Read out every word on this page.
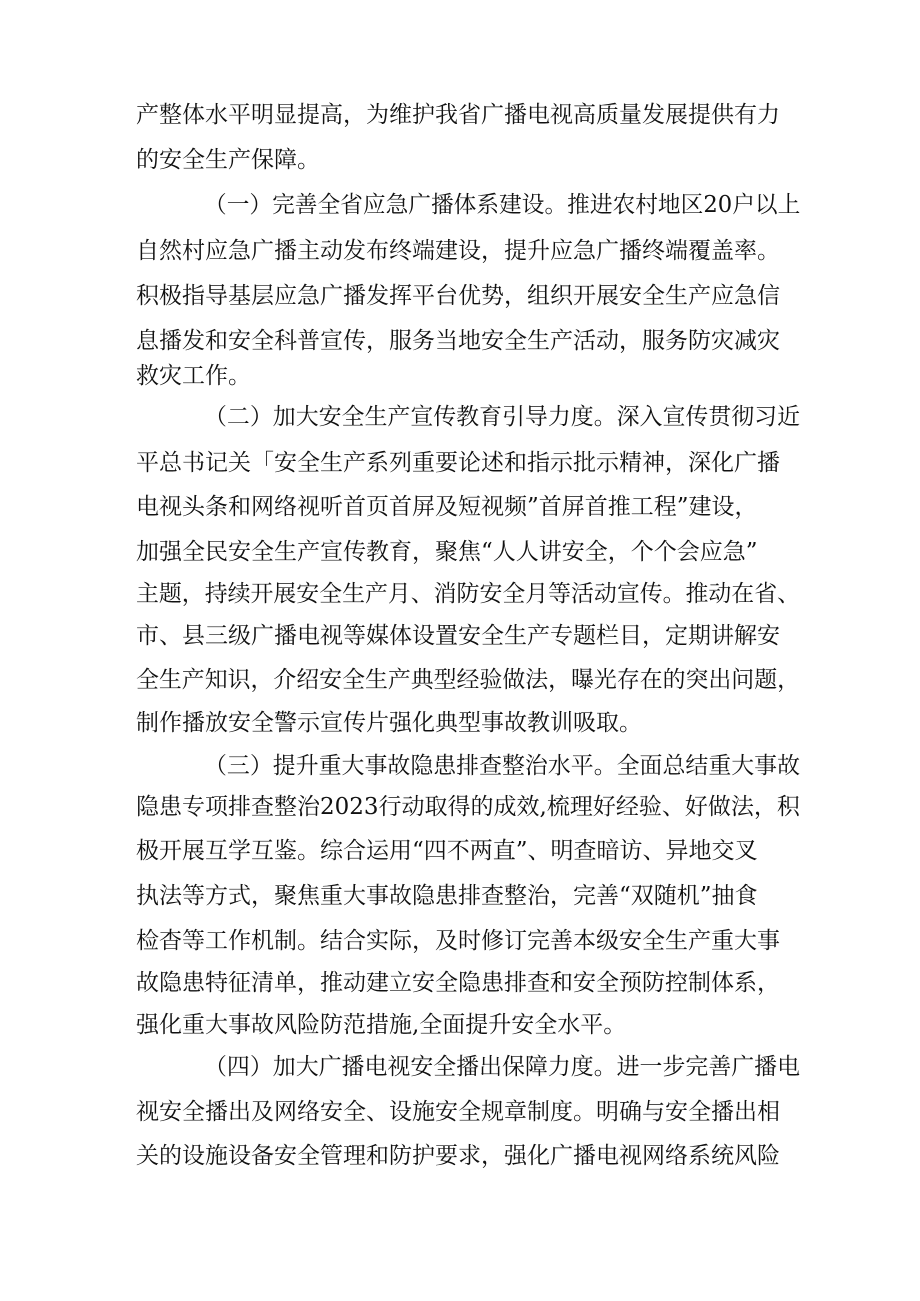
产整体水平明显提高，为维护我省广播电视高质量发展提供有力
的安全生产保障。
（一）完善全省应急广播体系建设。推进农村地区20户以上
自然村应急广播主动发布终端建设，提升应急广播终端覆盖率。
积极指导基层应急广播发挥平台优势，组织开展安全生产应急信
息播发和安全科普宣传，服务当地安全生产活动，服务防灾减灾
救灾工作。
（二）加大安全生产宣传教育引导力度。深入宣传贯彻习近
平总书记关「安全生产系列重要论述和指示批示精神，深化广播
电视头条和网络视听首页首屏及短视频”首屏首推工程”建设，
加强全民安全生产宣传教育，聚焦“人人讲安全，个个会应急”
主题，持续开展安全生产月、消防安全月等活动宣传。推动在省、
市、县三级广播电视等媒体设置安全生产专题栏目，定期讲解安
全生产知识，介绍安全生产典型经验做法，曝光存在的突出问题，
制作播放安全警示宣传片强化典型事故教训吸取。
（三）提升重大事故隐患排查整治水平。全面总结重大事故
隐患专项排查整治2023行动取得的成效,梳理好经验、好做法，积
极开展互学互鉴。综合运用“四不两直”、明查暗访、异地交叉
执法等方式，聚焦重大事故隐患排查整治，完善“双随机”抽食
检杳等工作机制。结合实际，及时修订完善本级安全生产重大事
故隐患特征清单，推动建立安全隐患排查和安全预防控制体系，
强化重大事故风险防范措施,全面提升安全水平。
（四）加大广播电视安全播出保障力度。进一步完善广播电
视安全播出及网络安全、设施安全规章制度。明确与安全播出相
关的设施设备安全管理和防护要求，强化广播电视网络系统风险
